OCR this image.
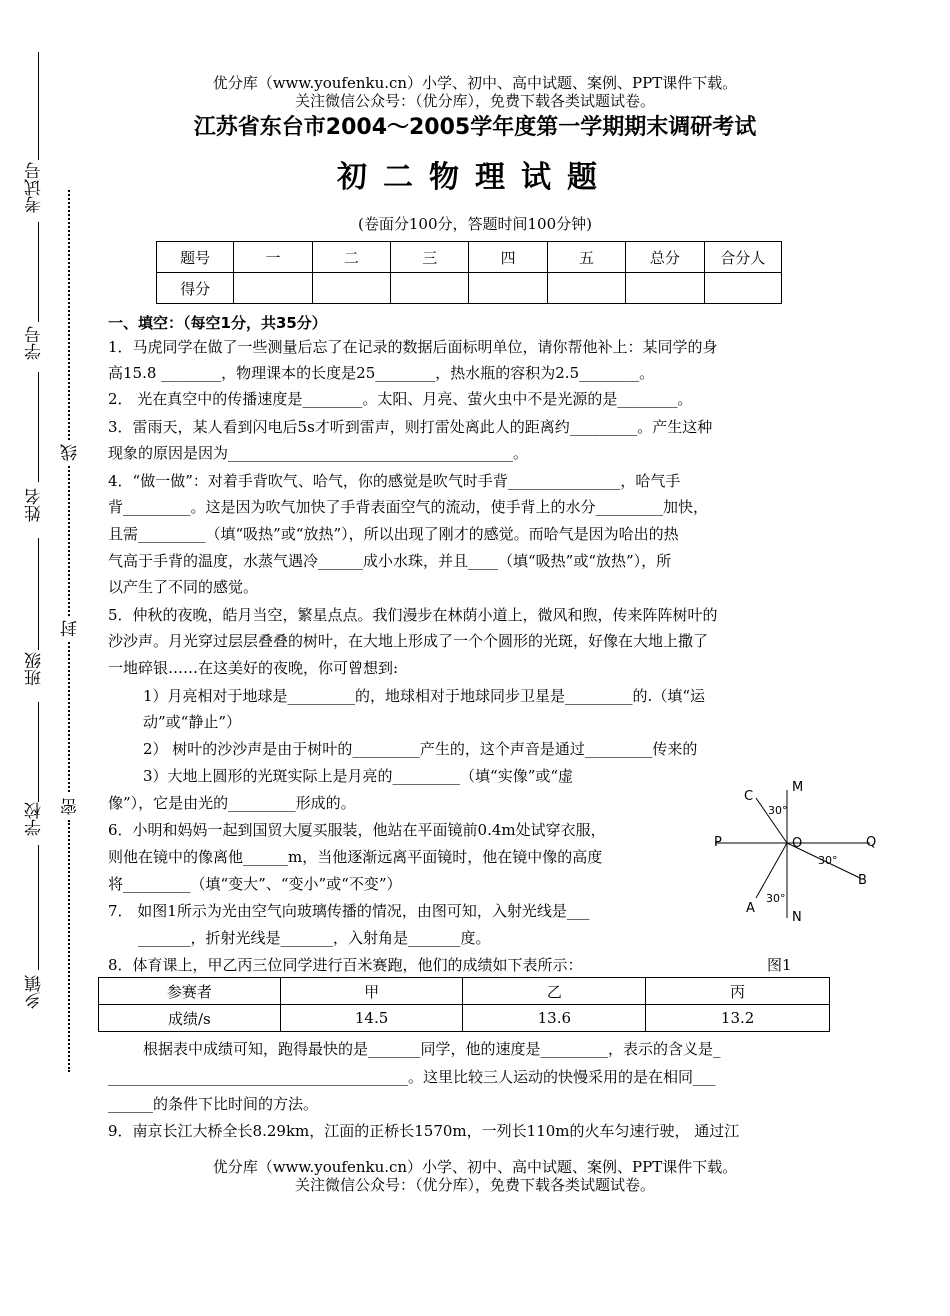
优分库（www.youfenku.cn）小学、初中、高中试题、案例、PPT课件下载。
关注微信公众号：（优分库），免费下载各类试题试卷。
江苏省东台市2004～2005学年度第一学期期末调研考试
初二物理试题
(卷面分100分，答题时间100分钟)
考试号
学号
姓名
班级
学校
乡镇
线
封
密
题号	一	二	三	四	五	总分	合分人
得分							
一、填空：（每空1分，共35分）
1．马虎同学在做了一些测量后忘了在记录的数据后面标明单位，请你帮他补上：某同学的身
高15.8 ________，物理课本的长度是25________，热水瓶的容积为2.5________。
2． 光在真空中的传播速度是________。太阳、月亮、萤火虫中不是光源的是________。
3．雷雨天，某人看到闪电后5s才听到雷声，则打雷处离此人的距离约_________。产生这种
现象的原因是因为______________________________________。
4．“做一做”：对着手背吹气、哈气，你的感觉是吹气时手背_______________，哈气手
背_________。这是因为吹气加快了手背表面空气的流动，使手背上的水分_________加快，
且需_________（填“吸热”或“放热”），所以出现了刚才的感觉。而哈气是因为哈出的热
气高于手背的温度，水蒸气遇冷______成小水珠，并且____（填“吸热”或“放热”），所
以产生了不同的感觉。
5．仲秋的夜晚，皓月当空，繁星点点。我们漫步在林荫小道上，微风和煦，传来阵阵树叶的
沙沙声。月光穿过层层叠叠的树叶，在大地上形成了一个个圆形的光斑，好像在大地上撒了
一地碎银……在这美好的夜晚，你可曾想到:
1）月亮相对于地球是_________的，地球相对于地球同步卫星是_________的.（填“运
动”或“静止”）
2） 树叶的沙沙声是由于树叶的_________产生的，这个声音是通过_________传来的
3）大地上圆形的光斑实际上是月亮的_________（填“实像”或“虚
像”），它是由光的_________形成的。
6．小明和妈妈一起到国贸大厦买服装，他站在平面镜前0.4m处试穿衣服，
则他在镜中的像离他______m，当他逐渐远离平面镜时，他在镜中像的高度
将_________（填“变大”、“变小”或“不变”）
7． 如图1所示为光由空气向玻璃传播的情况，由图可知，入射光线是___
_______，折射光线是_______，入射角是_______度。
8．体育课上，甲乙丙三位同学进行百米赛跑，他们的成绩如下表所示：	图1
M
N
P	Q
O
C
B
A
30°
30°
30°
参赛者	甲	乙	丙
成绩/s	14.5	13.6	13.2
根据表中成绩可知，跑得最快的是_______同学，他的速度是_________，表示的含义是_
________________________________________。这里比较三人运动的快慢采用的是在相同___
______的条件下比时间的方法。
9．南京长江大桥全长8.29km，江面的正桥长1570m，一列长110m的火车匀速行驶， 通过江
优分库（www.youfenku.cn）小学、初中、高中试题、案例、PPT课件下载。
关注微信公众号：（优分库），免费下载各类试题试卷。
